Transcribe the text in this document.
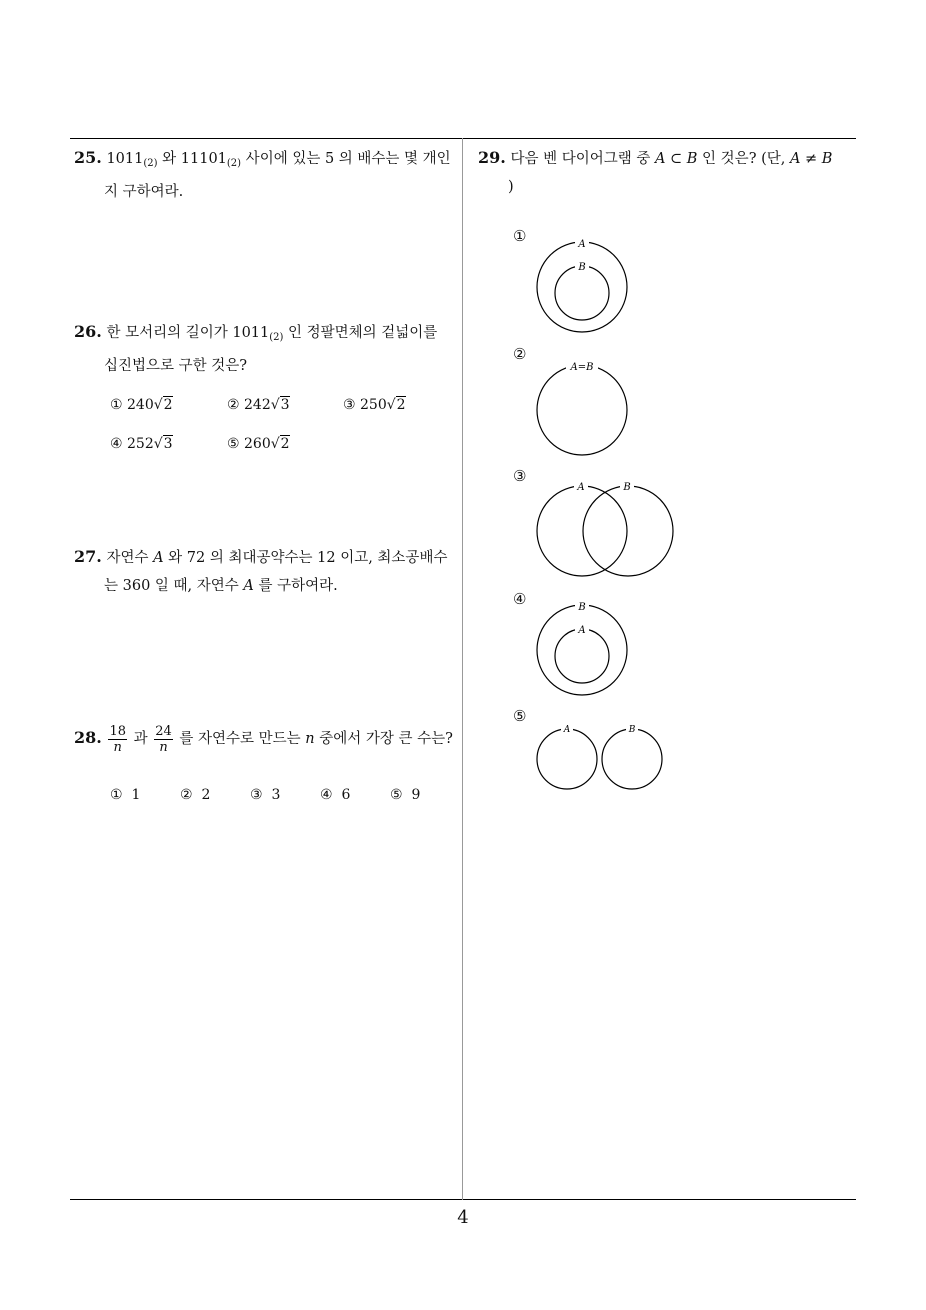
25. $1011_{(2)}$ 와 $11101_{(2)}$ 사이에 있는 5 의 배수는 몇 개인
지 구하여라.
26. 한 모서리의 길이가 $1011_{(2)}$ 인 정팔면체의 겉넓이를
십진법으로 구한 것은?
① 240√2	② 242√3	③ 250√2
④ 252√3	⑤ 260√2
27. 자연수 A 와 72 의 최대공약수는 12 이고, 최소공배수
는 360 일 때, 자연수 A 를 구하여라.
28. $\frac{18}{n}$ 과 $\frac{24}{n}$ 를 자연수로 만드는 n 중에서 가장 큰 수는?
① 1	② 2	③ 3	④ 6	⑤ 9
29. 다음 벤 다이어그램 중 A ⊂ B 인 것은? (단, A ≠ B
)
①
②
③
④
⑤
A
B
A=B
A	B
B
A
A	B
4
